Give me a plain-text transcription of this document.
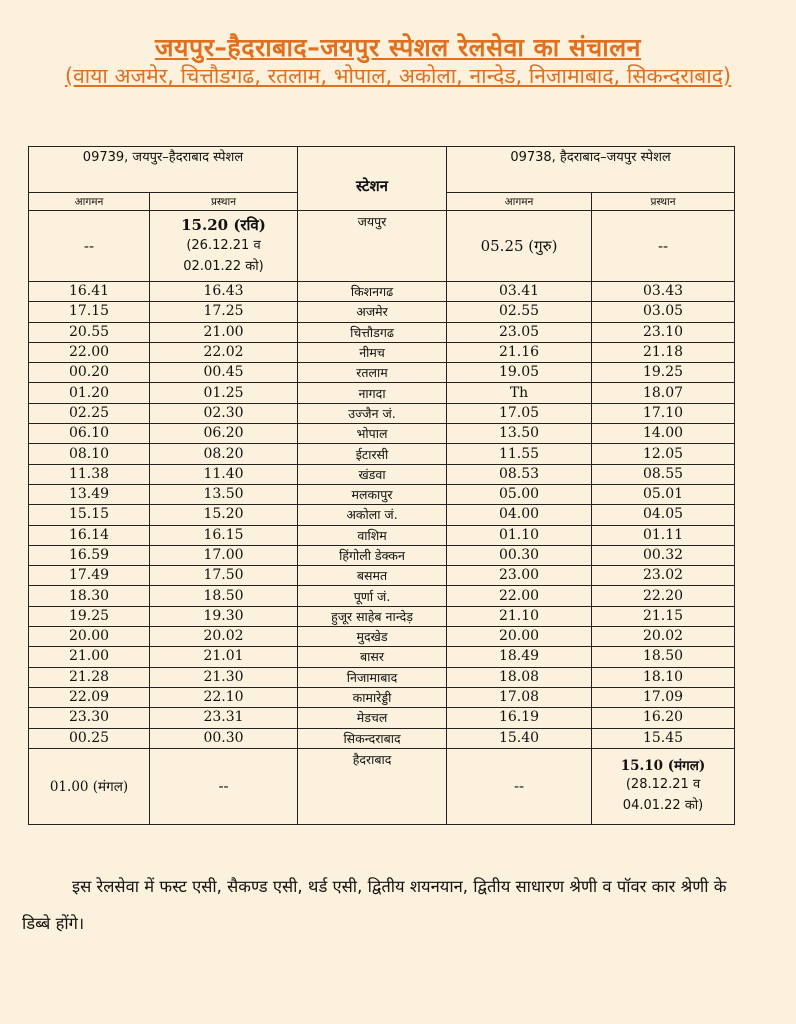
जयपुर–हैदराबाद–जयपुर स्पेशल रेलसेवा का संचालन
(वाया अजमेर, चित्तौडगढ, रतलाम, भोपाल, अकोला, नान्देड, निजामाबाद, सिकन्दराबाद)
09739, जयपुर–हैदराबाद स्पेशल		स्टेशन	09738, हैदराबाद–जयपुर स्पेशल	
आगमन	प्रस्थान		आगमन	प्रस्थान
--	15.20 (रवि)
(26.12.21 व
02.01.22 को)	जयपुर	05.25 (गुरु)	--
16.41	16.43	किशनगढ	03.41	03.43
17.15	17.25	अजमेर	02.55	03.05
20.55	21.00	चित्तौडगढ	23.05	23.10
22.00	22.02	नीमच	21.16	21.18
00.20	00.45	रतलाम	19.05	19.25
01.20	01.25	नागदा	Th	18.07
02.25	02.30	उज्जैन जं.	17.05	17.10
06.10	06.20	भोपाल	13.50	14.00
08.10	08.20	ईटारसी	11.55	12.05
11.38	11.40	खंडवा	08.53	08.55
13.49	13.50	मलकापुर	05.00	05.01
15.15	15.20	अकोला जं.	04.00	04.05
16.14	16.15	वाशिम	01.10	01.11
16.59	17.00	हिंगोली डेक्कन	00.30	00.32
17.49	17.50	बसमत	23.00	23.02
18.30	18.50	पूर्णा जं.	22.00	22.20
19.25	19.30	हुजूर साहेब नान्देड़	21.10	21.15
20.00	20.02	मुदखेड	20.00	20.02
21.00	21.01	बासर	18.49	18.50
21.28	21.30	निजामाबाद	18.08	18.10
22.09	22.10	कामारेड्डी	17.08	17.09
23.30	23.31	मेडचल	16.19	16.20
00.25	00.30	सिकन्दराबाद	15.40	15.45
01.00 (मंगल)	--	हैदराबाद	--	15.10 (मंगल)
(28.12.21 व
04.01.22 को)
इस रेलसेवा में फस्ट एसी, सैकण्ड एसी, थर्ड एसी, द्वितीय शयनयान, द्वितीय साधारण श्रेणी व पॉवर कार श्रेणी के डिब्बे होंगे।
